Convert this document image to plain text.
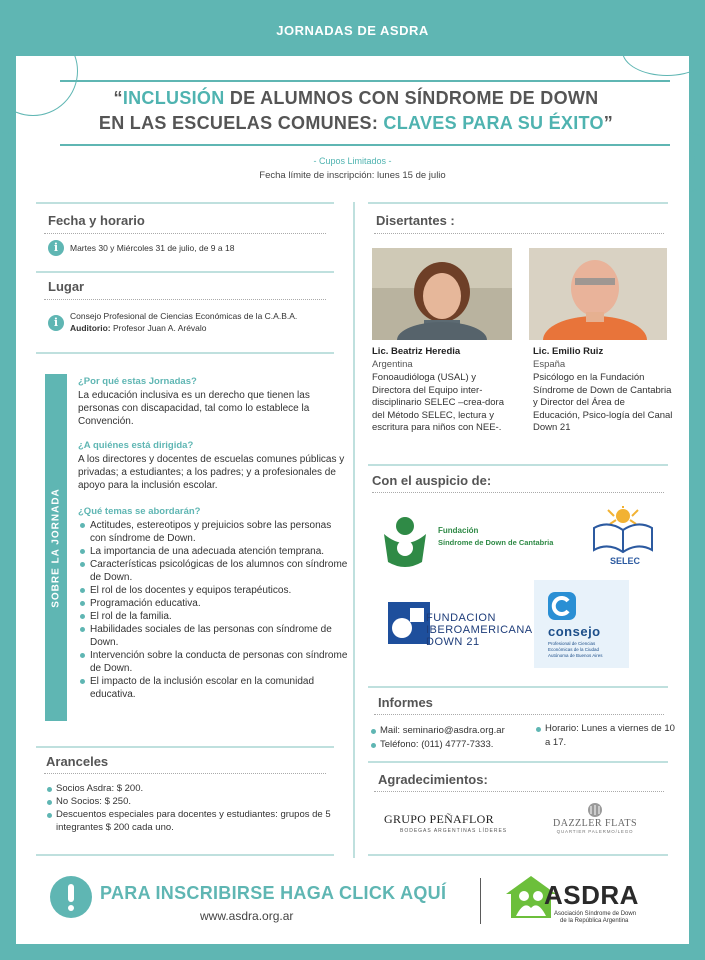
JORNADAS DE ASDRA
“INCLUSIÓN DE ALUMNOS CON SÍNDROME DE DOWN
EN LAS ESCUELAS COMUNES: CLAVES PARA SU ÉXITO”
- Cupos Limitados -
Fecha límite de inscripción: lunes 15 de julio
Fecha y horario
i	Martes 30 y Miércoles 31 de julio, de 9 a 18
Lugar
i	Consejo Profesional de Ciencias Económicas de la C.A.B.A.
Auditorio: Profesor Juan A. Arévalo
SOBRE LA JORNADA
¿Por qué estas Jornadas?
La educación inclusiva es un derecho que tienen las personas con discapacidad, tal como lo establece la Convención.
¿A quiénes está dirigida?
A los directores y docentes de escuelas comunes públicas y privadas; a estudiantes; a los padres; y a profesionales de apoyo para la inclusión escolar.
¿Qué temas se abordarán?
Actitudes, estereotipos y prejuicios sobre las personas con síndrome de Down.
La importancia de una adecuada atención temprana.
Características psicológicas de los alumnos con síndrome de Down.
El rol de los docentes y equipos terapéuticos.
Programación educativa.
El rol de la familia.
Habilidades sociales de las personas con síndrome de Down.
Intervención sobre la conducta de personas con síndrome de Down.
El impacto de la inclusión escolar en la comunidad educativa.
Aranceles
Socios Asdra: $ 200.
No Socios: $ 250.
Descuentos especiales para docentes y estudiantes: grupos de 5 integrantes $ 200 cada uno.
Disertantes :
Lic. Beatriz Heredia
Argentina
Fonoaudióloga (USAL) y Directora del Equipo inter-disciplinario SELEC –crea-dora del Método SELEC, lectura y escritura para niños con NEE-.
Lic. Emilio Ruiz
España
Psicólogo en la Fundación Síndrome de Down de Cantabria y Director del Área de Educación, Psico-logía del Canal Down 21
Con el auspicio de:
Fundación
Síndrome de Down de Cantabria
SELEC
FUNDACION
IBEROAMERICANA
DOWN 21
consejo
Profesional de Ciencias
Económicas de la Ciudad
Autónoma de Buenos Aires
Informes
Mail: seminario@asdra.org.ar
Teléfono: (011) 4777-7333.
Horario: Lunes a viernes de 10 a 17.
Agradecimientos:
GRUPO PEÑAFLOR
BODEGAS ARGENTINAS LÍDERES
DAZZLER FLATS
QUARTIER PALERMO/LEGO
PARA INSCRIBIRSE HAGA CLICK AQUÍ
www.asdra.org.ar
ASDRA
Asociación Síndrome de Down
de la República Argentina
